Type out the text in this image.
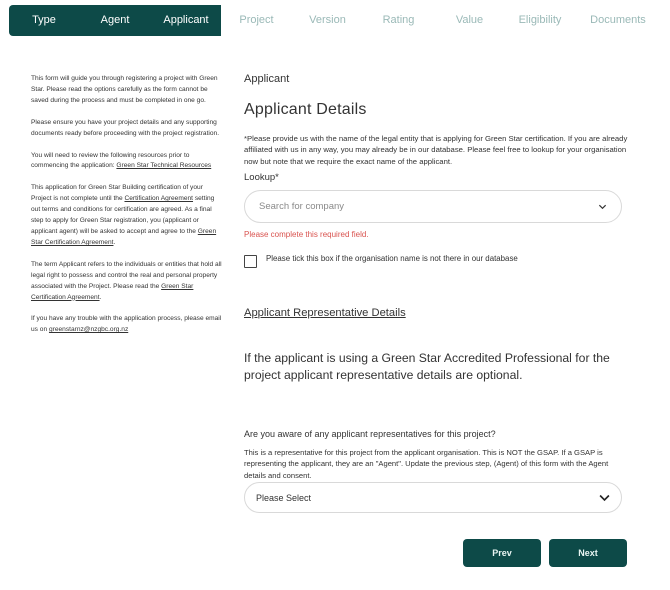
Type	Agent	Applicant	Project	Version	Rating	Value	Eligibility	Documents

This form will guide you through registering a project with Green Star. Please read the options carefully as the form cannot be saved during the process and must be completed in one go.

Please ensure you have your project details and any supporting documents ready before proceeding with the project registration.

You will need to review the following resources prior to commencing the application: Green Star Technical Resources

This application for Green Star Building certification of your Project is not complete until the Certification Agreement setting out terms and conditions for certification are agreed. As a final step to apply for Green Star registration, you (applicant or applicant agent) will be asked to accept and agree to the Green Star Certification Agreement.

The term Applicant refers to the individuals or entities that hold all legal right to possess and control the real and personal property associated with the Project. Please read the Green Star Certification Agreement.

If you have any trouble with the application process, please email us on greenstarnz@nzgbc.org.nz

Applicant
Applicant Details
*Please provide us with the name of the legal entity that is applying for Green Star certification. If you are already affiliated with us in any way, you may already be in our database. Please feel free to lookup for your organisation now but note that we require the exact name of the applicant.
Lookup*
Search for company
Please complete this required field.
Please tick this box if the organisation name is not there in our database
Applicant Representative Details
If the applicant is using a Green Star Accredited Professional for the project applicant representative details are optional.
Are you aware of any applicant representatives for this project?
This is a representative for this project from the applicant organisation. This is NOT the GSAP. If a GSAP is representing the applicant, they are an "Agent". Update the previous step, (Agent) of this form with the Agent details and consent.
Please Select
Prev	Next
